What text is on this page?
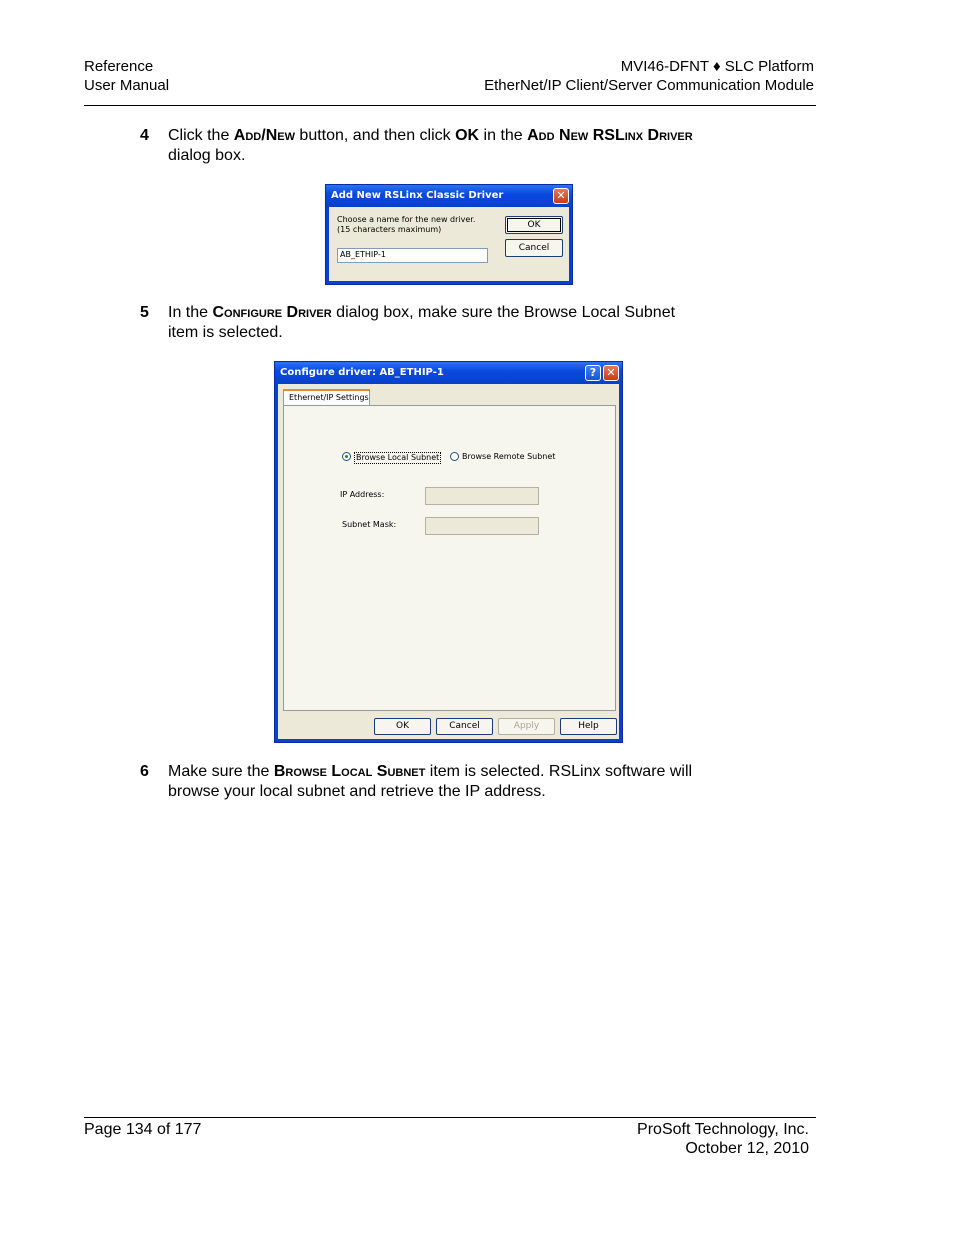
Reference
User Manual
MVI46-DFNT ♦ SLC Platform
EtherNet/IP Client/Server Communication Module
4 Click the Add/New button, and then click OK in the Add New RSLinx Driver
dialog box.
Add New RSLinx Classic Driver	✕
Choose a name for the new driver.
(15 characters maximum)
AB_ETHIP-1
OK
Cancel
5 In the Configure Driver dialog box, make sure the Browse Local Subnet
item is selected.
Configure driver: AB_ETHIP-1	? ✕
Ethernet/IP Settings
Browse Local Subnet	Browse Remote Subnet
IP Address:
Subnet Mask:
OK	Cancel	Apply	Help
6 Make sure the Browse Local Subnet item is selected. RSLinx software will
browse your local subnet and retrieve the IP address.
Page 134 of 177	ProSoft Technology, Inc.
October 12, 2010
